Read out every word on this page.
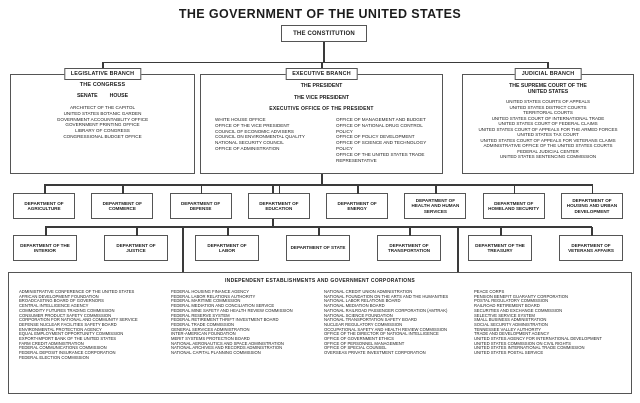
THE GOVERNMENT OF THE UNITED STATES
THE CONSTITUTION
LEGISLATIVE BRANCH
THE CONGRESS
SENATE HOUSE
ARCHITECT OF THE CAPITOL
UNITED STATES BOTANIC GARDEN
GOVERNMENT ACCOUNTABILITY OFFICE
GOVERNMENT PRINTING OFFICE
LIBRARY OF CONGRESS
CONGRESSIONAL BUDGET OFFICE
EXECUTIVE BRANCH
THE PRESIDENT
THE VICE PRESIDENT
EXECUTIVE OFFICE OF THE PRESIDENT
WHITE HOUSE OFFICE
OFFICE OF THE VICE PRESIDENT
COUNCIL OF ECONOMIC ADVISERS
COUNCIL ON ENVIRONMENTAL QUALITY
NATIONAL SECURITY COUNCIL
OFFICE OF ADMINISTRATION
OFFICE OF MANAGEMENT AND BUDGET
OFFICE OF NATIONAL DRUG CONTROL POLICY
OFFICE OF POLICY DEVELOPMENT
OFFICE OF SCIENCE AND TECHNOLOGY POLICY
OFFICE OF THE UNITED STATES TRADE REPRESENTATIVE
JUDICIAL BRANCH
THE SUPREME COURT OF THE UNITED STATES
UNITED STATES COURTS OF APPEALS
UNITED STATES DISTRICT COURTS
TERRITORIAL COURTS
UNITED STATES COURT OF INTERNATIONAL TRADE
UNITED STATES COURT OF FEDERAL CLAIMS
UNITED STATES COURT OF APPEALS FOR THE ARMED FORCES
UNITED STATES TAX COURT
UNITED STATES COURT OF APPEALS FOR VETERANS CLAIMS
ADMINISTRATIVE OFFICE OF THE UNITED STATES COURTS
FEDERAL JUDICIAL CENTER
UNITED STATES SENTENCING COMMISSION
DEPARTMENT OF AGRICULTURE
DEPARTMENT OF COMMERCE
DEPARTMENT OF DEFENSE
DEPARTMENT OF EDUCATION
DEPARTMENT OF ENERGY
DEPARTMENT OF HEALTH AND HUMAN SERVICES
DEPARTMENT OF HOMELAND SECURITY
DEPARTMENT OF HOUSING AND URBAN DEVELOPMENT
DEPARTMENT OF THE INTERIOR
DEPARTMENT OF JUSTICE
DEPARTMENT OF LABOR
DEPARTMENT OF STATE
DEPARTMENT OF TRANSPORTATION
DEPARTMENT OF THE TREASURY
DEPARTMENT OF VETERANS AFFAIRS
INDEPENDENT ESTABLISHMENTS AND GOVERNMENT CORPORATIONS
ADMINISTRATIVE CONFERENCE OF THE UNITED STATES
AFRICAN DEVELOPMENT FOUNDATION
BROADCASTING BOARD OF GOVERNORS
CENTRAL INTELLIGENCE AGENCY
COMMODITY FUTURES TRADING COMMISSION
CONSUMER PRODUCT SAFETY COMMISSION
CORPORATION FOR NATIONAL AND COMMUNITY SERVICE
DEFENSE NUCLEAR FACILITIES SAFETY BOARD
ENVIRONMENTAL PROTECTION AGENCY
EQUAL EMPLOYMENT OPPORTUNITY COMMISSION
EXPORT-IMPORT BANK OF THE UNITED STATES
FARM CREDIT ADMINISTRATION
FEDERAL COMMUNICATIONS COMMISSION
FEDERAL DEPOSIT INSURANCE CORPORATION
FEDERAL ELECTION COMMISSION
FEDERAL HOUSING FINANCE AGENCY
FEDERAL LABOR RELATIONS AUTHORITY
FEDERAL MARITIME COMMISSION
FEDERAL MEDIATION AND CONCILIATION SERVICE
FEDERAL MINE SAFETY AND HEALTH REVIEW COMMISSION
FEDERAL RESERVE SYSTEM
FEDERAL RETIREMENT THRIFT INVESTMENT BOARD
FEDERAL TRADE COMMISSION
GENERAL SERVICES ADMINISTRATION
INTER-AMERICAN FOUNDATION
MERIT SYSTEMS PROTECTION BOARD
NATIONAL AERONAUTICS AND SPACE ADMINISTRATION
NATIONAL ARCHIVES AND RECORDS ADMINISTRATION
NATIONAL CAPITAL PLANNING COMMISSION
NATIONAL CREDIT UNION ADMINISTRATION
NATIONAL FOUNDATION ON THE ARTS AND THE HUMANITIES
NATIONAL LABOR RELATIONS BOARD
NATIONAL MEDIATION BOARD
NATIONAL RAILROAD PASSENGER CORPORATION (AMTRAK)
NATIONAL SCIENCE FOUNDATION
NATIONAL TRANSPORTATION SAFETY BOARD
NUCLEAR REGULATORY COMMISSION
OCCUPATIONAL SAFETY AND HEALTH REVIEW COMMISSION
OFFICE OF THE DIRECTOR OF NATIONAL INTELLIGENCE
OFFICE OF GOVERNMENT ETHICS
OFFICE OF PERSONNEL MANAGEMENT
OFFICE OF SPECIAL COUNSEL
OVERSEAS PRIVATE INVESTMENT CORPORATION
PEACE CORPS
PENSION BENEFIT GUARANTY CORPORATION
POSTAL REGULATORY COMMISSION
RAILROAD RETIREMENT BOARD
SECURITIES AND EXCHANGE COMMISSION
SELECTIVE SERVICE SYSTEM
SMALL BUSINESS ADMINISTRATION
SOCIAL SECURITY ADMINISTRATION
TENNESSEE VALLEY AUTHORITY
TRADE AND DEVELOPMENT AGENCY
UNITED STATES AGENCY FOR INTERNATIONAL DEVELOPMENT
UNITED STATES COMMISSION ON CIVIL RIGHTS
UNITED STATES INTERNATIONAL TRADE COMMISSION
UNITED STATES POSTAL SERVICE
